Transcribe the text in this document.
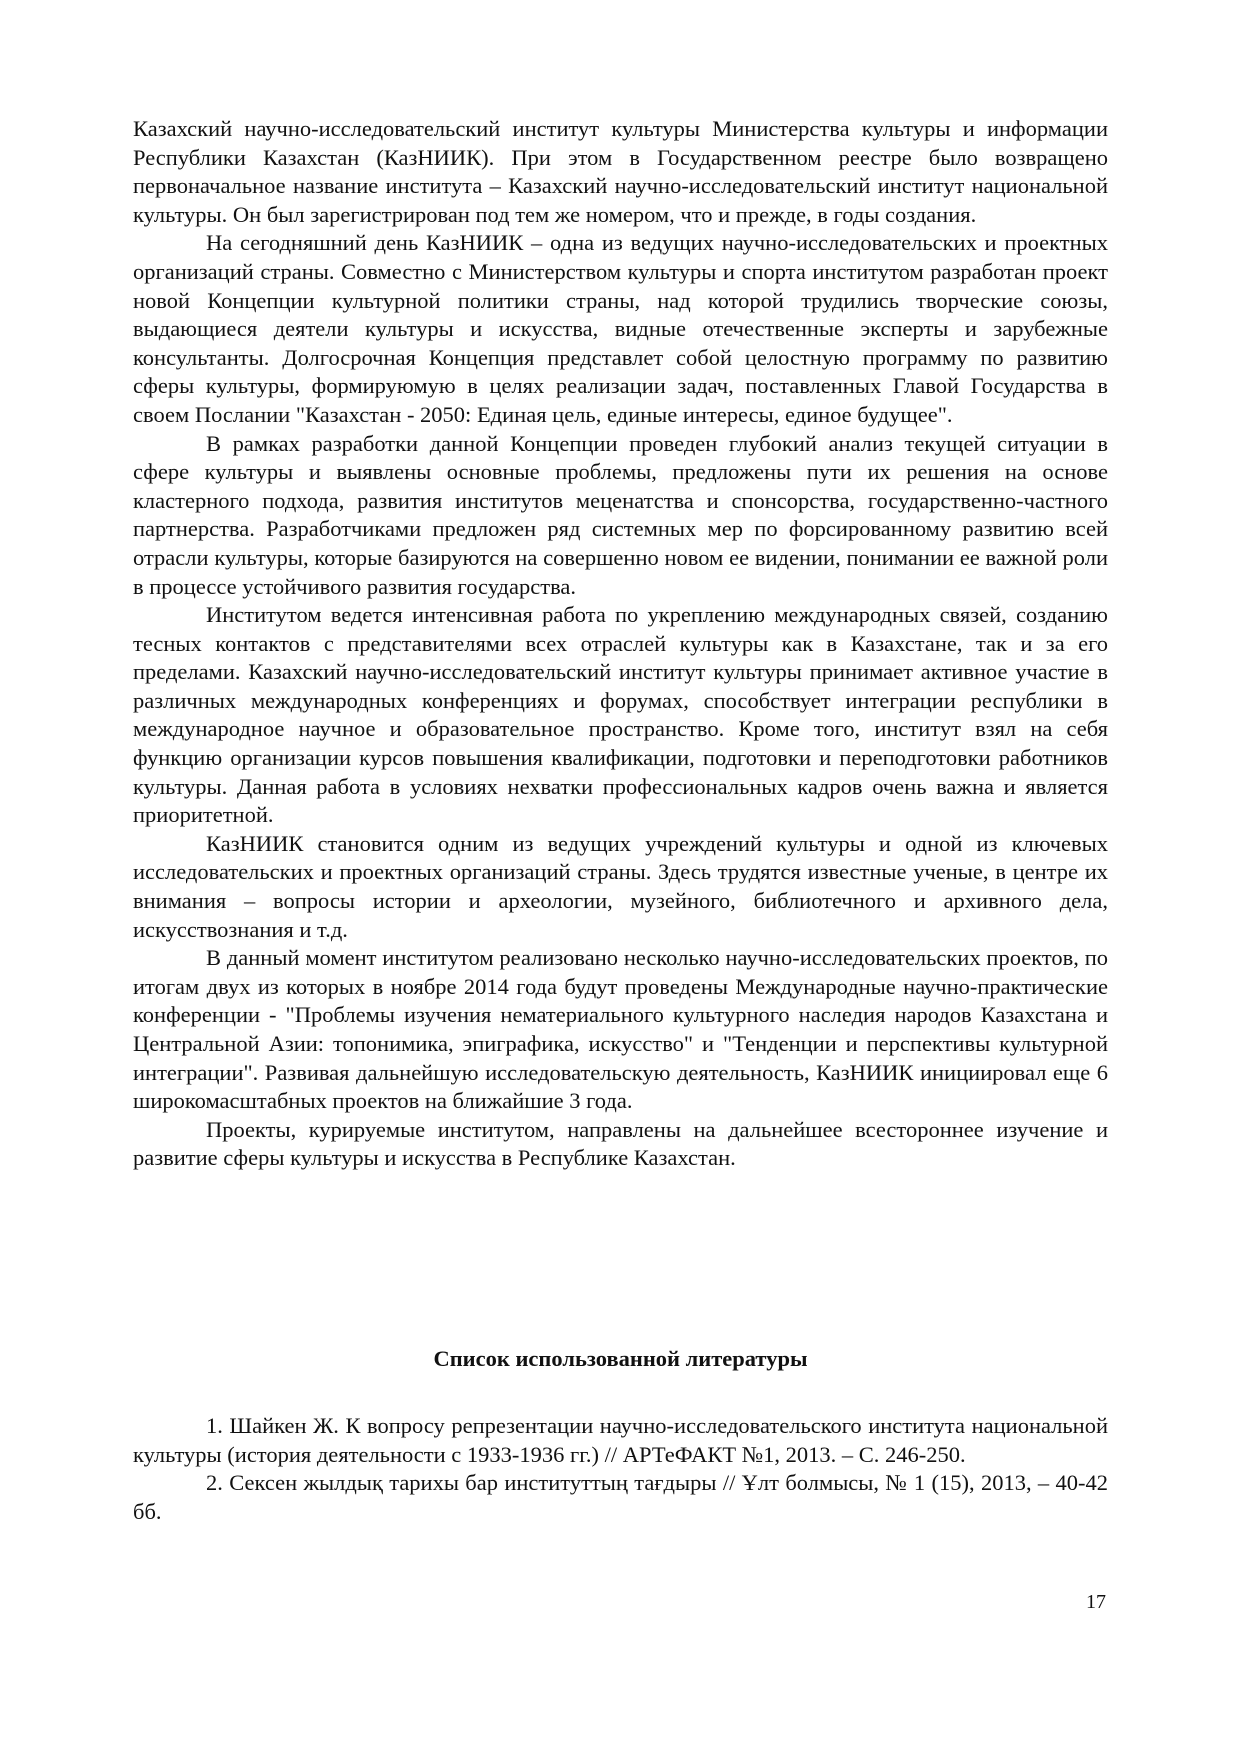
Казахский научно-исследовательский институт культуры Министерства культуры и информации Республики Казахстан (КазНИИК). При этом в Государственном реестре было возвращено первоначальное название института – Казахский научно-исследовательский институт национальной культуры. Он был зарегистрирован под тем же номером, что и прежде, в годы создания.

На сегодняшний день КазНИИК – одна из ведущих научно-исследовательских и проектных организаций страны. Совместно с Министерством культуры и спорта институтом разработан проект новой Концепции культурной политики страны, над которой трудились творческие союзы, выдающиеся деятели культуры и искусства, видные отечественные эксперты и зарубежные консультанты. Долгосрочная Концепция представлет собой целостную программу по развитию сферы культуры, формируюмую в целях реализации задач, поставленных Главой Государства в своем Послании "Казахстан - 2050: Единая цель, единые интересы, единое будущее".

В рамках разработки данной Концепции проведен глубокий анализ текущей ситуации в сфере культуры и выявлены основные проблемы, предложены пути их решения на основе кластерного подхода, развития институтов меценатства и спонсорства, государственно-частного партнерства. Разработчиками предложен ряд системных мер по форсированному развитию всей отрасли культуры, которые базируются на совершенно новом ее видении, понимании ее важной роли в процессе устойчивого развития государства.

Институтом ведется интенсивная работа по укреплению международных связей, созданию тесных контактов с представителями всех отраслей культуры как в Казахстане, так и за его пределами. Казахский научно-исследовательский институт культуры принимает активное участие в различных международных конференциях и форумах, способствует интеграции республики в международное научное и образовательное пространство. Кроме того, институт взял на себя функцию организации курсов повышения квалификации, подготовки и переподготовки работников культуры. Данная работа в условиях нехватки профессиональных кадров очень важна и является приоритетной.

КазНИИК становится одним из ведущих учреждений культуры и одной из ключевых исследовательских и проектных организаций страны. Здесь трудятся известные ученые, в центре их внимания – вопросы истории и археологии, музейного, библиотечного и архивного дела, искусствознания и т.д.

В данный момент институтом реализовано несколько научно-исследовательских проектов, по итогам двух из которых в ноябре 2014 года будут проведены Международные научно-практические конференции - "Проблемы изучения нематериального культурного наследия народов Казахстана и Центральной Азии: топонимика, эпиграфика, искусство" и "Тенденции и перспективы культурной интеграции". Развивая дальнейшую исследовательскую деятельность, КазНИИК инициировал еще 6 широкомасштабных проектов на ближайшие 3 года.

Проекты, курируемые институтом, направлены на дальнейшее всестороннее изучение и развитие сферы культуры и искусства в Республике Казахстан.

Список использованной литературы

1. Шайкен Ж. К вопросу репрезентации научно-исследовательского института национальной культуры (история деятельности с 1933-1936 гг.) // АРТеФАКТ №1, 2013. – С. 246-250.

2. Сексен жылдық тарихы бар институттың тағдыры // Ұлт болмысы, № 1 (15), 2013, – 40-42 бб.

17
